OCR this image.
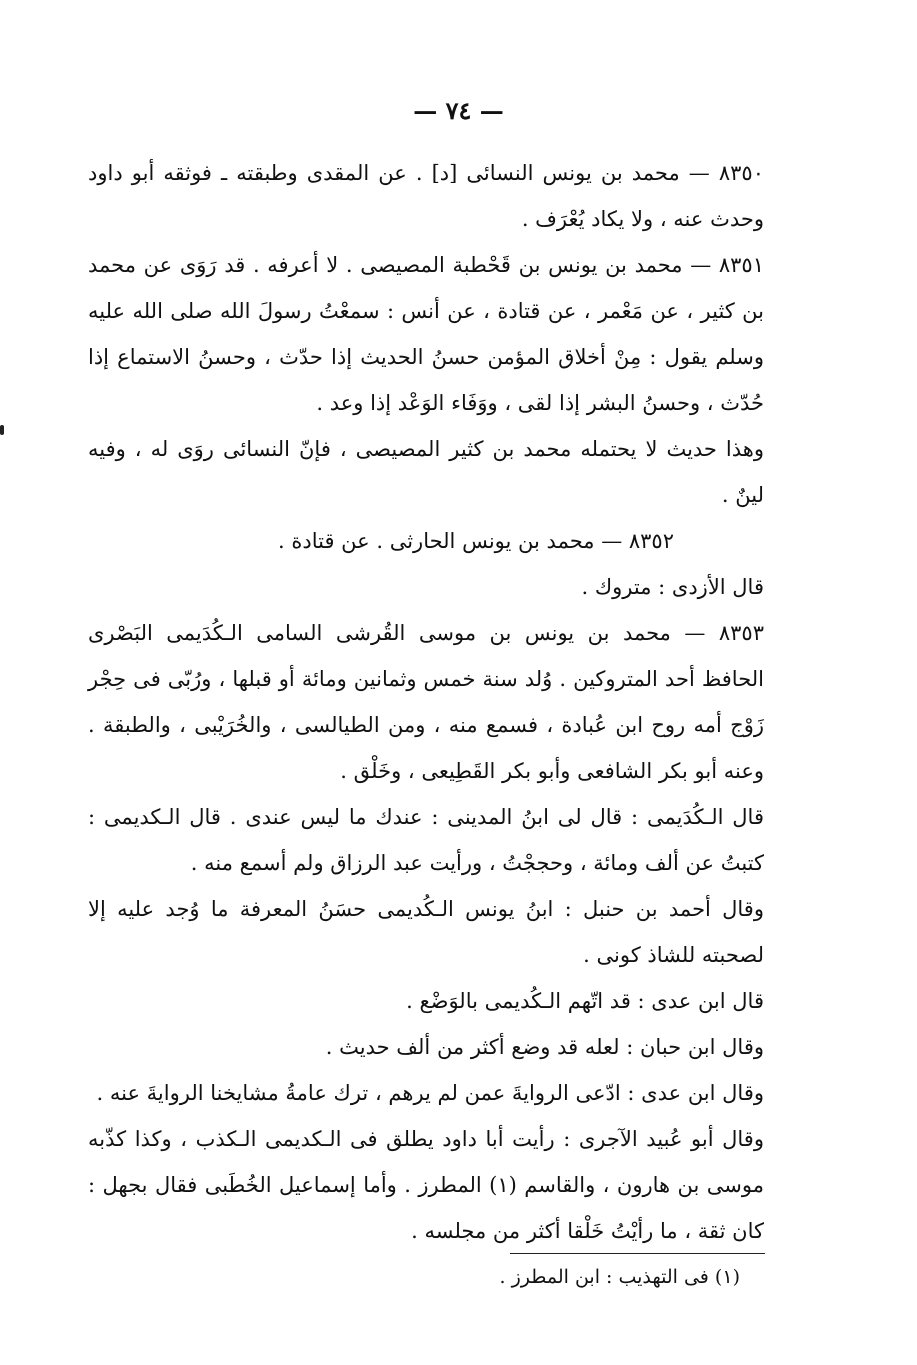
— ٧٤ —

٨٣٥٠ — محمد بن يونس النسائى [د] . عن المقدى وطبقته ـ فوثقه أبو داود وحدث عنه ، ولا يكاد يُعْرَف .

٨٣٥١ — محمد بن يونس بن قَحْطبة المصيصى . لا أعرفه . قد رَوَى عن محمد بن كثير ، عن مَعْمر ، عن قتادة ، عن أنس : سمعْتُ رسولَ الله صلى الله عليه وسلم يقول : مِنْ أخلاق المؤمن حسنُ الحديث إذا حدّث ، وحسنُ الاستماع إذا حُدّث ، وحسنُ البشر إذا لقى ، ووَفَاء الوَعْد إذا وعد .

وهذا حديث لا يحتمله محمد بن كثير المصيصى ، فإنّ النسائى روَى له ، وفيه لينٌ .

٨٣٥٢ — محمد بن يونس الحارثى . عن قتادة .

قال الأزدى : متروك .

٨٣٥٣ — محمد بن يونس بن موسى القُرشى السامى الـكُدَيمى البَصْرى الحافظ أحد المتروكين . وُلد سنة خمس وثمانين ومائة أو قبلها ، ورُبّى فى حِجْر زَوْج أمه روح ابن عُبادة ، فسمع منه ، ومن الطيالسى ، والخُرَيْبى ، والطبقة . وعنه أبو بكر الشافعى وأبو بكر القَطِيعى ، وخَلْق .

قال الـكُدَيمى : قال لى ابنُ المدينى : عندك ما ليس عندى . قال الـكديمى : كتبتُ عن ألف ومائة ، وحججْتُ ، ورأيت عبد الرزاق ولم أسمع منه .

وقال أحمد بن حنبل : ابنُ يونس الـكُديمى حسَنُ المعرفة ما وُجد عليه إلا لصحبته للشاذ كونى .

قال ابن عدى : قد اتّهم الـكُديمى بالوَضْع .

وقال ابن حبان : لعله قد وضع أكثر من ألف حديث .

وقال ابن عدى : ادّعى الروايةَ عمن لم يرهم ، ترك عامةُ مشايخنا الروايةَ عنه .

وقال أبو عُبيد الآجرى : رأيت أبا داود يطلق فى الـكديمى الـكذب ، وكذا كذّبه موسى بن هارون ، والقاسم (١) المطرز . وأما إسماعيل الخُطَبى فقال بجهل : كان ثقة ، ما رأيْتُ خَلْقا أكثر من مجلسه .

(١) فى التهذيب : ابن المطرز .
